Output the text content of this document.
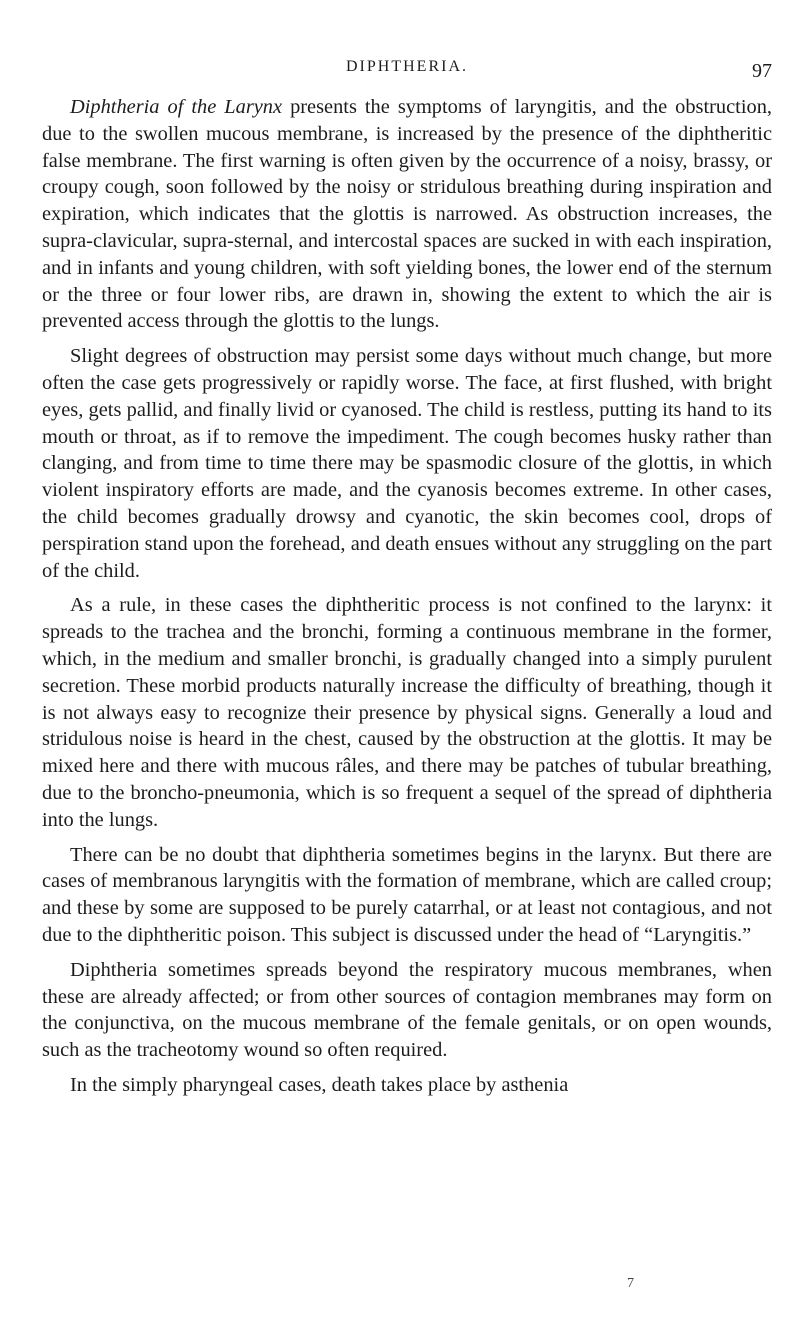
DIPHTHERIA.	97

Diphtheria of the Larynx presents the symptoms of laryngitis, and the obstruction, due to the swollen mucous membrane, is increased by the presence of the diphtheritic false membrane. The first warning is often given by the occurrence of a noisy, brassy, or croupy cough, soon followed by the noisy or stridulous breathing during inspiration and expiration, which indicates that the glottis is narrowed. As obstruction increases, the supra-clavicular, supra-sternal, and intercostal spaces are sucked in with each inspiration, and in infants and young children, with soft yielding bones, the lower end of the sternum or the three or four lower ribs, are drawn in, showing the extent to which the air is prevented access through the glottis to the lungs.

Slight degrees of obstruction may persist some days without much change, but more often the case gets progressively or rapidly worse. The face, at first flushed, with bright eyes, gets pallid, and finally livid or cyanosed. The child is restless, putting its hand to its mouth or throat, as if to remove the impediment. The cough becomes husky rather than clanging, and from time to time there may be spasmodic closure of the glottis, in which violent inspiratory efforts are made, and the cyanosis becomes extreme. In other cases, the child becomes gradually drowsy and cyanotic, the skin becomes cool, drops of perspiration stand upon the forehead, and death ensues without any struggling on the part of the child.

As a rule, in these cases the diphtheritic process is not confined to the larynx: it spreads to the trachea and the bronchi, forming a continuous membrane in the former, which, in the medium and smaller bronchi, is gradually changed into a simply purulent secretion. These morbid products naturally increase the difficulty of breathing, though it is not always easy to recognize their presence by physical signs. Generally a loud and stridulous noise is heard in the chest, caused by the obstruction at the glottis. It may be mixed here and there with mucous râles, and there may be patches of tubular breathing, due to the broncho-pneumonia, which is so frequent a sequel of the spread of diphtheria into the lungs.

There can be no doubt that diphtheria sometimes begins in the larynx. But there are cases of membranous laryngitis with the formation of membrane, which are called croup; and these by some are supposed to be purely catarrhal, or at least not contagious, and not due to the diphtheritic poison. This subject is discussed under the head of “Laryngitis.”

Diphtheria sometimes spreads beyond the respiratory mucous membranes, when these are already affected; or from other sources of contagion membranes may form on the conjunctiva, on the mucous membrane of the female genitals, or on open wounds, such as the tracheotomy wound so often required.

In the simply pharyngeal cases, death takes place by asthenia

7
